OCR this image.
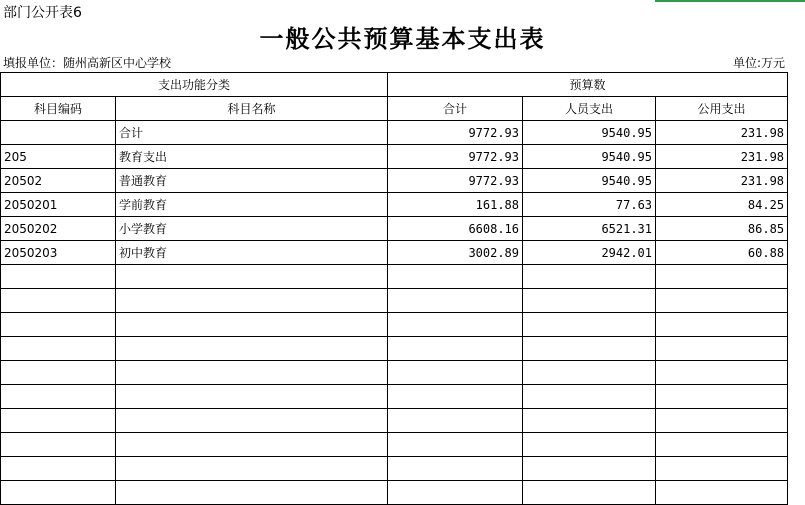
部门公开表6
一般公共预算基本支出表
填报单位：随州高新区中心学校	单位:万元
支出功能分类		预算数		
科目编码	科目名称	合计	人员支出	公用支出
	合计	9772.93	9540.95	231.98
205	教育支出	9772.93	9540.95	231.98
20502	普通教育	9772.93	9540.95	231.98
2050201	学前教育	161.88	77.63	84.25
2050202	小学教育	6608.16	6521.31	86.85
2050203	初中教育	3002.89	2942.01	60.88
